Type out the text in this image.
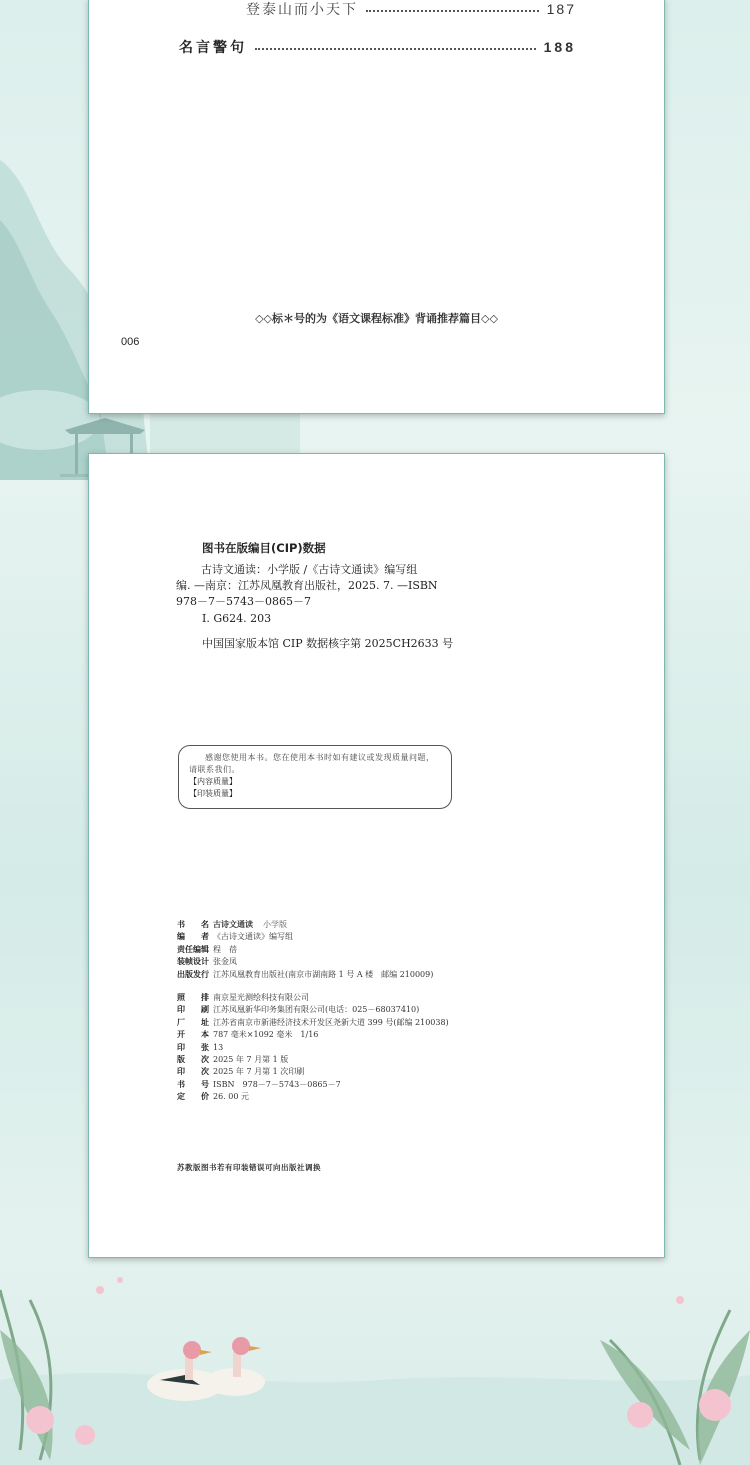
登泰山而小天下	187
名言警句	188
◇◇标＊号的为《语文课程标准》背诵推荐篇目◇◇
006
图书在版编目(CIP)数据
古诗文通读：小学版 /《古诗文通读》编写组
编. —南京：江苏凤凰教育出版社，2025. 7. —ISBN
978－7－5743－0865－7
Ⅰ. G624. 203
中国国家版本馆 CIP 数据核字第 2025CH2633 号
感谢您使用本书。您在使用本书时如有建议或发现质量问题，请联系我们。
【内容质量】
【印装质量】
书　　名 古诗文通读 小学版
编　　者 《古诗文通读》编写组
责任编辑 程　蓓
装帧设计 张金凤
出版发行 江苏凤凰教育出版社(南京市湖南路 1 号 A 楼　邮编 210009)
照　　排 南京星光测绘科技有限公司
印　　刷 江苏凤凰新华印务集团有限公司(电话：025－68037410)
厂　　址 江苏省南京市新港经济技术开发区尧新大道 399 号(邮编 210038)
开　　本 787 毫米×1092 毫米　1/16
印　　张 13
版　　次 2025 年 7 月第 1 版
印　　次 2025 年 7 月第 1 次印刷
书　　号 ISBN　978－7－5743－0865－7
定　　价 26. 00 元
苏教版图书若有印装错误可向出版社调换
